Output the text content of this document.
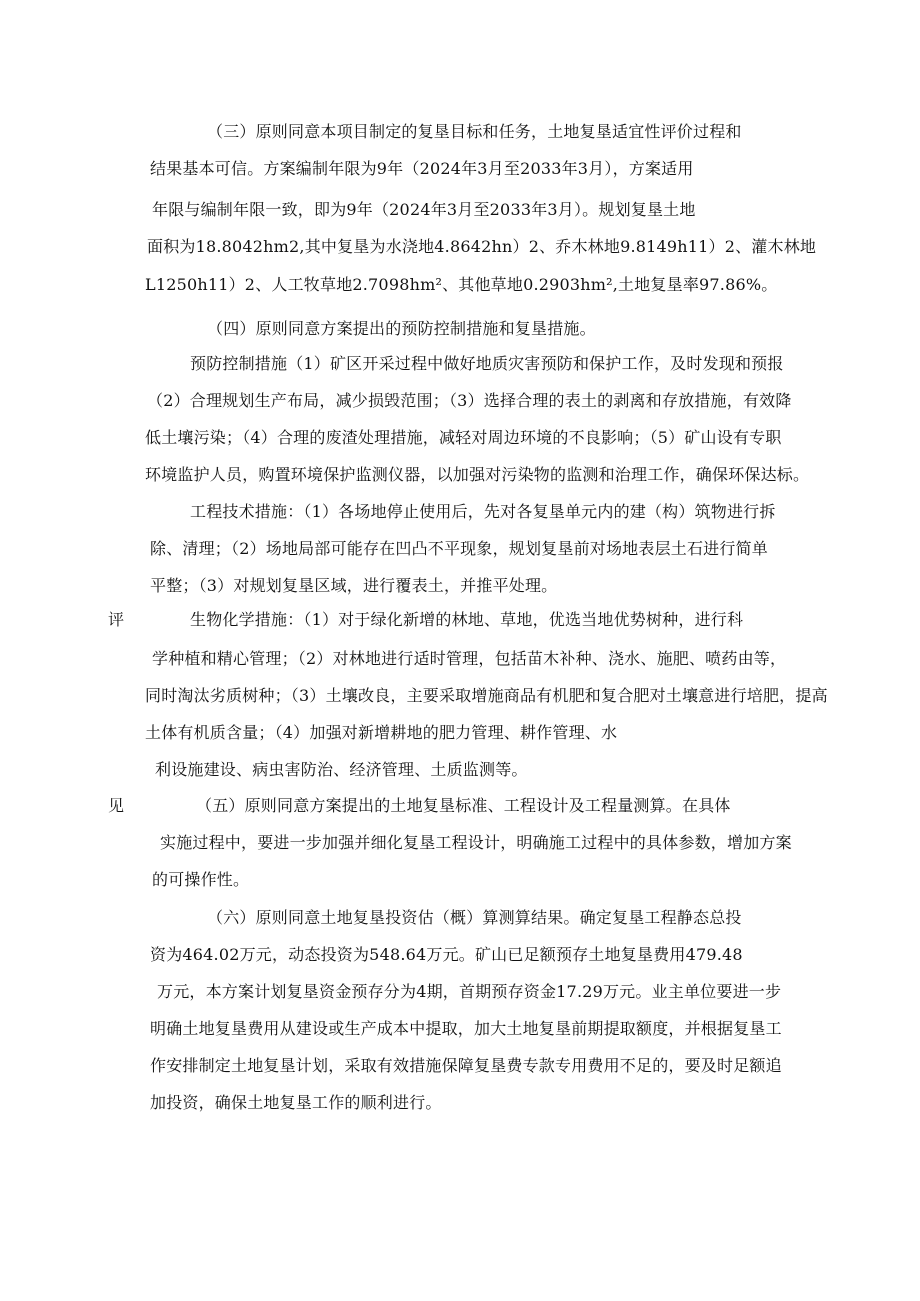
评
见
（三）原则同意本项目制定的复垦目标和任务，土地复垦适宜性评价过程和
结果基本可信。方案编制年限为9年（2024年3月至2033年3月），方案适用
年限与编制年限一致，即为9年（2024年3月至2033年3月）。规划复垦土地
面积为18.8042hm2,其中复垦为水浇地4.8642hn）2、乔木林地9.8149h11）2、灌木林地
L1250h11）2、人工牧草地2.7098hm²、其他草地0.2903hm²,土地复垦率97.86%。
（四）原则同意方案提出的预防控制措施和复垦措施。
预防控制措施（1）矿区开采过程中做好地质灾害预防和保护工作，及时发现和预报
（2）合理规划生产布局，减少损毁范围；（3）选择合理的表土的剥离和存放措施，有效降
低土壤污染；（4）合理的废渣处理措施，减轻对周边环境的不良影响；（5）矿山设有专职
环境监护人员，购置环境保护监测仪器，以加强对污染物的监测和治理工作，确保环保达标。
工程技术措施：（1）各场地停止使用后，先对各复垦单元内的建（构）筑物进行拆
除、清理；（2）场地局部可能存在凹凸不平现象，规划复垦前对场地表层土石进行简单
平整；（3）对规划复垦区域，进行覆表土，并推平处理。
生物化学措施：（1）对于绿化新增的林地、草地，优选当地优势树种，进行科
学种植和精心管理；（2）对林地进行适时管理，包括苗木补种、浇水、施肥、喷药由等，
同时淘汰劣质树种；（3）土壤改良，主要采取增施商品有机肥和复合肥对土壤意进行培肥，提高
土体有机质含量；（4）加强对新增耕地的肥力管理、耕作管理、水
利设施建设、病虫害防治、经济管理、土质监测等。
（五）原则同意方案提出的土地复垦标准、工程设计及工程量测算。在具体
实施过程中，要进一步加强并细化复垦工程设计，明确施工过程中的具体参数，增加方案
的可操作性。
（六）原则同意土地复垦投资估（概）算测算结果。确定复垦工程静态总投
资为464.02万元，动态投资为548.64万元。矿山已足额预存土地复垦费用479.48
万元，本方案计划复垦资金预存分为4期，首期预存资金17.29万元。业主单位要进一步
明确土地复垦费用从建设或生产成本中提取，加大土地复垦前期提取额度，并根据复垦工
作安排制定土地复垦计划，采取有效措施保障复垦费专款专用费用不足的，要及时足额追
加投资，确保土地复垦工作的顺利进行。
